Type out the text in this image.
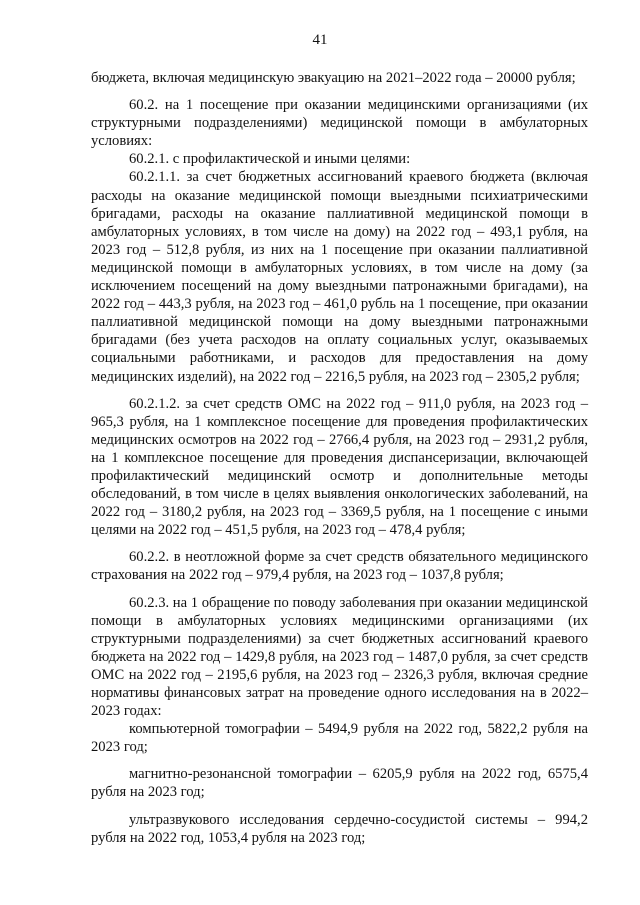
41

бюджета, включая медицинскую эвакуацию на 2021–2022 года – 20000 рубля;

60.2. на 1 посещение при оказании медицинскими организациями (их структурными подразделениями) медицинской помощи в амбулаторных условиях:

60.2.1. с профилактической и иными целями:

60.2.1.1. за счет бюджетных ассигнований краевого бюджета (включая расходы на оказание медицинской помощи выездными психиатрическими бригадами, расходы на оказание паллиативной медицинской помощи в амбулаторных условиях, в том числе на дому) на 2022 год – 493,1 рубля, на 2023 год – 512,8 рубля, из них на 1 посещение при оказании паллиативной медицинской помощи в амбулаторных условиях, в том числе на дому (за исключением посещений на дому выездными патронажными бригадами), на 2022 год – 443,3 рубля, на 2023 год – 461,0 рубль на 1 посещение, при оказании паллиативной медицинской помощи на дому выездными патронажными бригадами (без учета расходов на оплату социальных услуг, оказываемых социальными работниками, и расходов для предоставления на дому медицинских изделий), на 2022 год – 2216,5 рубля, на 2023 год – 2305,2 рубля;

60.2.1.2. за счет средств ОМС на 2022 год – 911,0 рубля, на 2023 год – 965,3 рубля, на 1 комплексное посещение для проведения профилактических медицинских осмотров на 2022 год – 2766,4 рубля, на 2023 год – 2931,2 рубля, на 1 комплексное посещение для проведения диспансеризации, включающей профилактический медицинский осмотр и дополнительные методы обследований, в том числе в целях выявления онкологических заболеваний, на 2022 год – 3180,2 рубля, на 2023 год – 3369,5 рубля, на 1 посещение с иными целями на 2022 год – 451,5 рубля, на 2023 год – 478,4 рубля;

60.2.2. в неотложной форме за счет средств обязательного медицинского страхования на 2022 год – 979,4 рубля, на 2023 год – 1037,8 рубля;

60.2.3. на 1 обращение по поводу заболевания при оказании медицинской помощи в амбулаторных условиях медицинскими организациями (их структурными подразделениями) за счет бюджетных ассигнований краевого бюджета на 2022 год – 1429,8 рубля, на 2023 год – 1487,0 рубля, за счет средств ОМС на 2022 год – 2195,6 рубля, на 2023 год – 2326,3 рубля, включая средние нормативы финансовых затрат на проведение одного исследования на в 2022–2023 годах:

компьютерной томографии – 5494,9 рубля на 2022 год, 5822,2 рубля на 2023 год;

магнитно-резонансной томографии – 6205,9 рубля на 2022 год, 6575,4 рубля на 2023 год;

ультразвукового исследования сердечно-сосудистой системы – 994,2 рубля на 2022 год, 1053,4 рубля на 2023 год;
